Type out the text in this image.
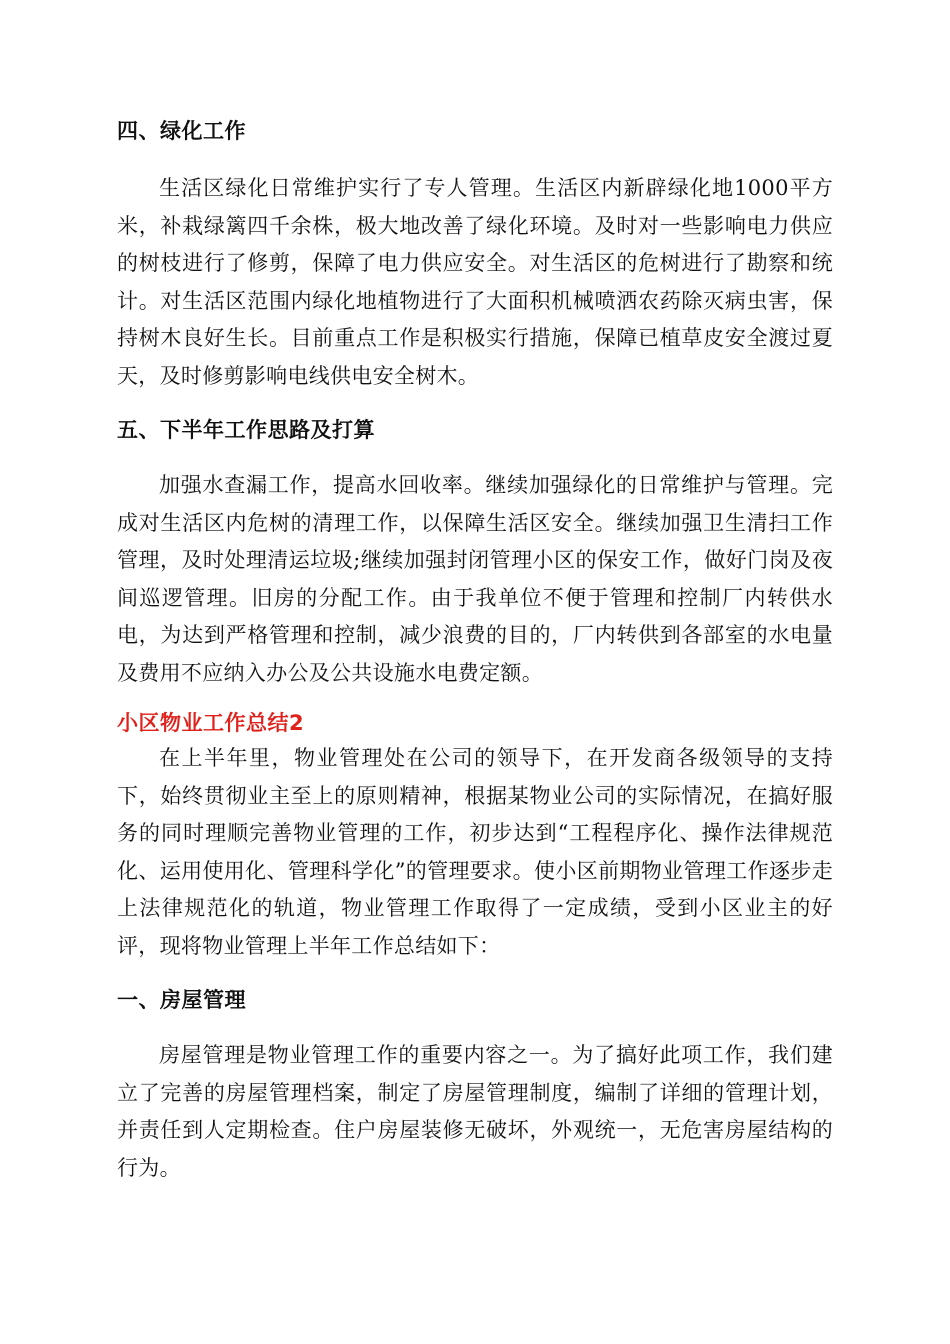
四、绿化工作

生活区绿化日常维护实行了专人管理。生活区内新辟绿化地1000平方米，补栽绿篱四千余株，极大地改善了绿化环境。及时对一些影响电力供应的树枝进行了修剪，保障了电力供应安全。对生活区的危树进行了勘察和统计。对生活区范围内绿化地植物进行了大面积机械喷洒农药除灭病虫害，保持树木良好生长。目前重点工作是积极实行措施，保障已植草皮安全渡过夏天，及时修剪影响电线供电安全树木。

五、下半年工作思路及打算

加强水查漏工作，提高水回收率。继续加强绿化的日常维护与管理。完成对生活区内危树的清理工作，以保障生活区安全。继续加强卫生清扫工作管理，及时处理清运垃圾;继续加强封闭管理小区的保安工作，做好门岗及夜间巡逻管理。旧房的分配工作。由于我单位不便于管理和控制厂内转供水电，为达到严格管理和控制，减少浪费的目的，厂内转供到各部室的水电量及费用不应纳入办公及公共设施水电费定额。

小区物业工作总结2

在上半年里，物业管理处在公司的领导下，在开发商各级领导的支持下，始终贯彻业主至上的原则精神，根据某物业公司的实际情况，在搞好服务的同时理顺完善物业管理的工作，初步达到“工程程序化、操作法律规范化、运用使用化、管理科学化”的管理要求。使小区前期物业管理工作逐步走上法律规范化的轨道，物业管理工作取得了一定成绩，受到小区业主的好评，现将物业管理上半年工作总结如下：

一、房屋管理

房屋管理是物业管理工作的重要内容之一。为了搞好此项工作，我们建立了完善的房屋管理档案，制定了房屋管理制度，编制了详细的管理计划，并责任到人定期检查。住户房屋装修无破坏，外观统一，无危害房屋结构的行为。
